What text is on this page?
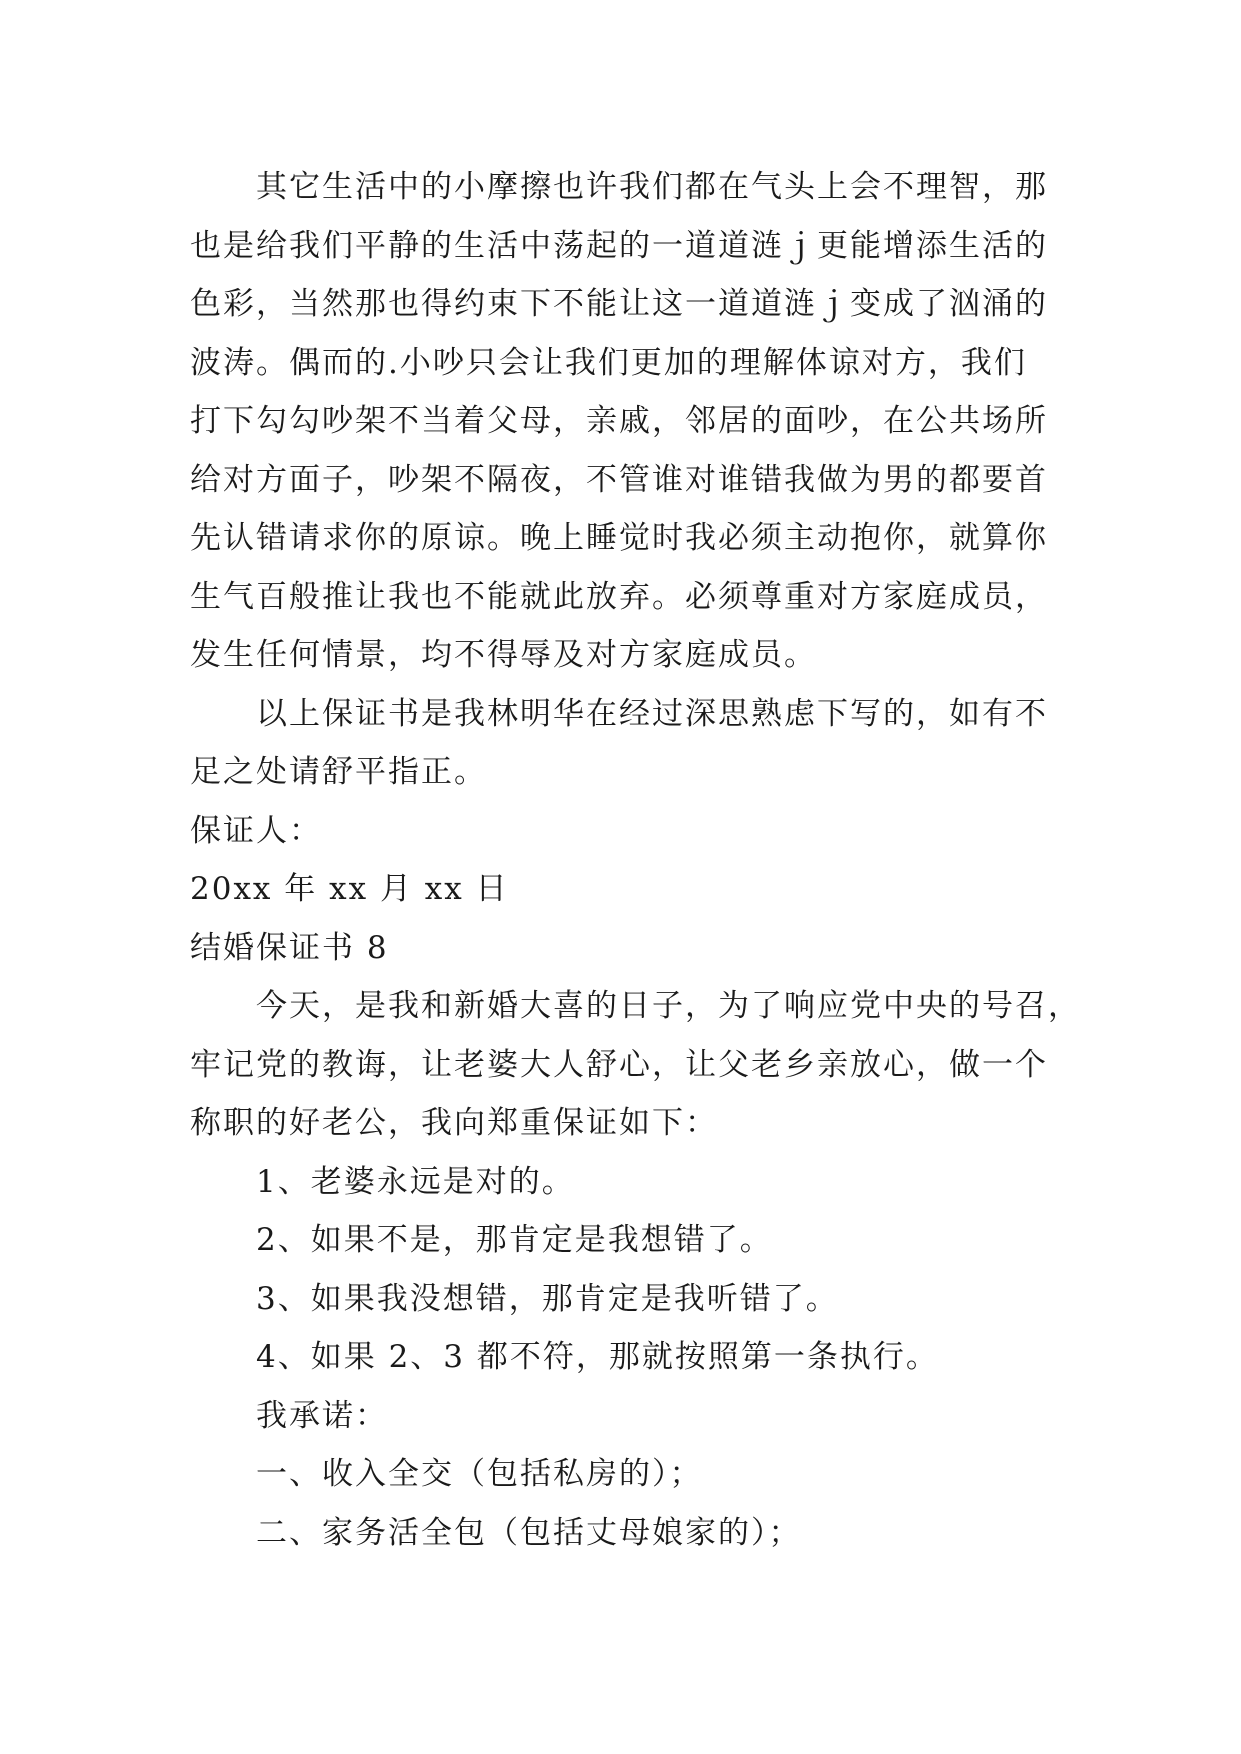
其它生活中的小摩擦也许我们都在气头上会不理智，那
也是给我们平静的生活中荡起的一道道涟ｊ更能增添生活的
色彩，当然那也得约束下不能让这一道道涟ｊ变成了汹涌的
波涛。偶而的.小吵只会让我们更加的理解体谅对方，我们
打下勾勾吵架不当着父母，亲戚，邻居的面吵，在公共场所
给对方面子，吵架不隔夜，不管谁对谁错我做为男的都要首
先认错请求你的原谅。晚上睡觉时我必须主动抱你，就算你
生气百般推让我也不能就此放弃。必须尊重对方家庭成员，
发生任何情景，均不得辱及对方家庭成员。
以上保证书是我林明华在经过深思熟虑下写的，如有不
足之处请舒平指正。
保证人：
20xx 年 xx 月 xx 日
结婚保证书 8
今天，是我和新婚大喜的日子，为了响应党中央的号召，
牢记党的教诲，让老婆大人舒心，让父老乡亲放心，做一个
称职的好老公，我向郑重保证如下：
1、老婆永远是对的。
2、如果不是，那肯定是我想错了。
3、如果我没想错，那肯定是我听错了。
4、如果 2、3 都不符，那就按照第一条执行。
我承诺：
一、收入全交（包括私房的）；
二、家务活全包（包括丈母娘家的）；
